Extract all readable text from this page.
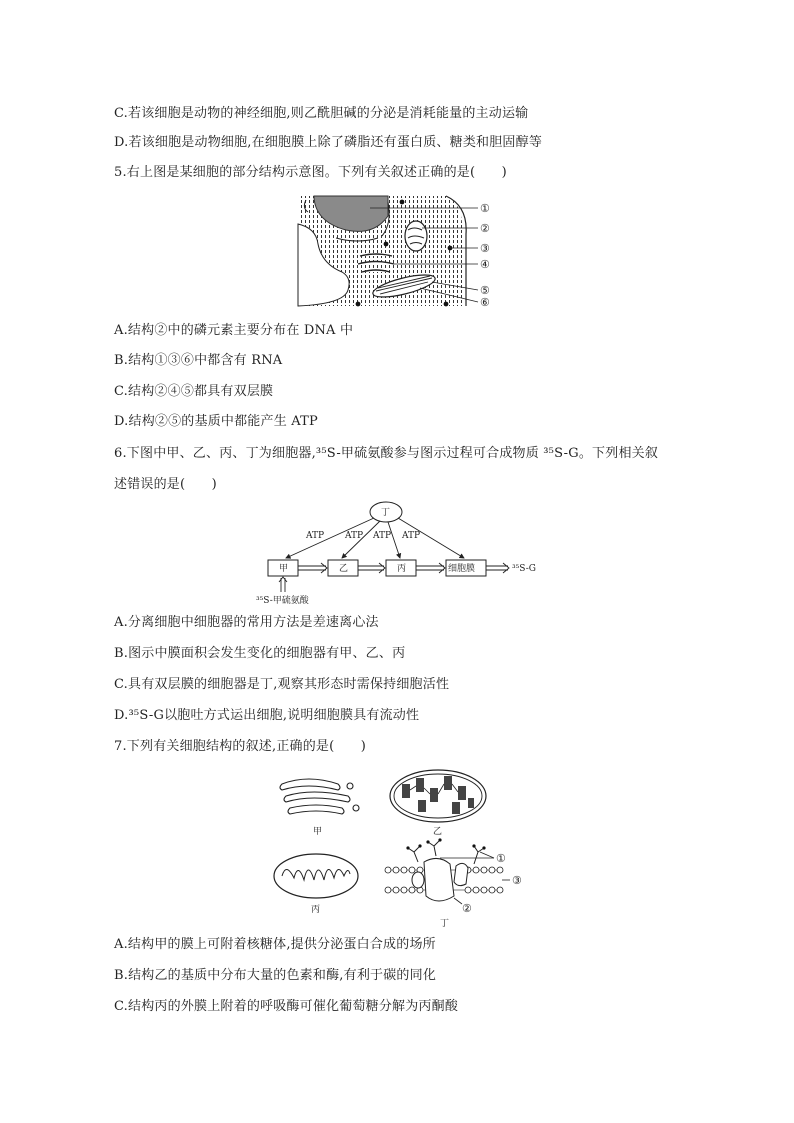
C.若该细胞是动物的神经细胞,则乙酰胆碱的分泌是消耗能量的主动运输
D.若该细胞是动物细胞,在细胞膜上除了磷脂还有蛋白质、糖类和胆固醇等
5.右上图是某细胞的部分结构示意图。下列有关叙述正确的是(　　)
①
②
③
④
⑤
⑥
A.结构②中的磷元素主要分布在 DNA 中
B.结构①③⑥中都含有 RNA
C.结构②④⑤都具有双层膜
D.结构②⑤的基质中都能产生 ATP
6.下图中甲、乙、丙、丁为细胞器,³⁵S-甲硫氨酸参与图示过程可合成物质 ³⁵S-G。下列相关叙
述错误的是(　　)
丁
ATP ATP ATP ATP
甲	乙	丙	细胞膜	³⁵S-G
³⁵S-甲硫氨酸
A.分离细胞中细胞器的常用方法是差速离心法
B.图示中膜面积会发生变化的细胞器有甲、乙、丙
C.具有双层膜的细胞器是丁,观察其形态时需保持细胞活性
D.³⁵S-G以胞吐方式运出细胞,说明细胞膜具有流动性
7.下列有关细胞结构的叙述,正确的是(　　)
甲	乙
丙
①
②
③
丁
A.结构甲的膜上可附着核糖体,提供分泌蛋白合成的场所
B.结构乙的基质中分布大量的色素和酶,有利于碳的同化
C.结构丙的外膜上附着的呼吸酶可催化葡萄糖分解为丙酮酸
